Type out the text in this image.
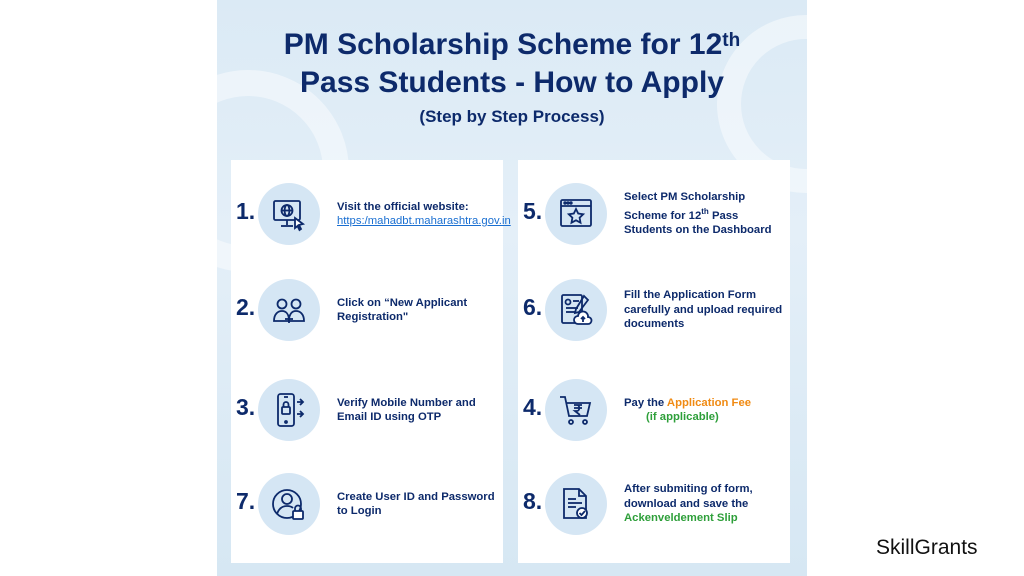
PM Scholarship Scheme for 12th
Pass Students - How to Apply
(Step by Step Process)
1.	Visit the official website:
https:/mahadbt.maharashtra.gov.in
2.	Click on “New Applicant Registration"
3.	Verify Mobile Number and Email ID using OTP
7.	Create User ID and Password to Login
5.
Select PM Scholarship Scheme for 12th Pass Students on the Dashboard
6.	Fill the Application Form carefully and upload required documents
4.	Pay the Application Fee
(if applicable)
8.	After submiting of form, download and save the
Ackenveldement Slip
SkillGrants
